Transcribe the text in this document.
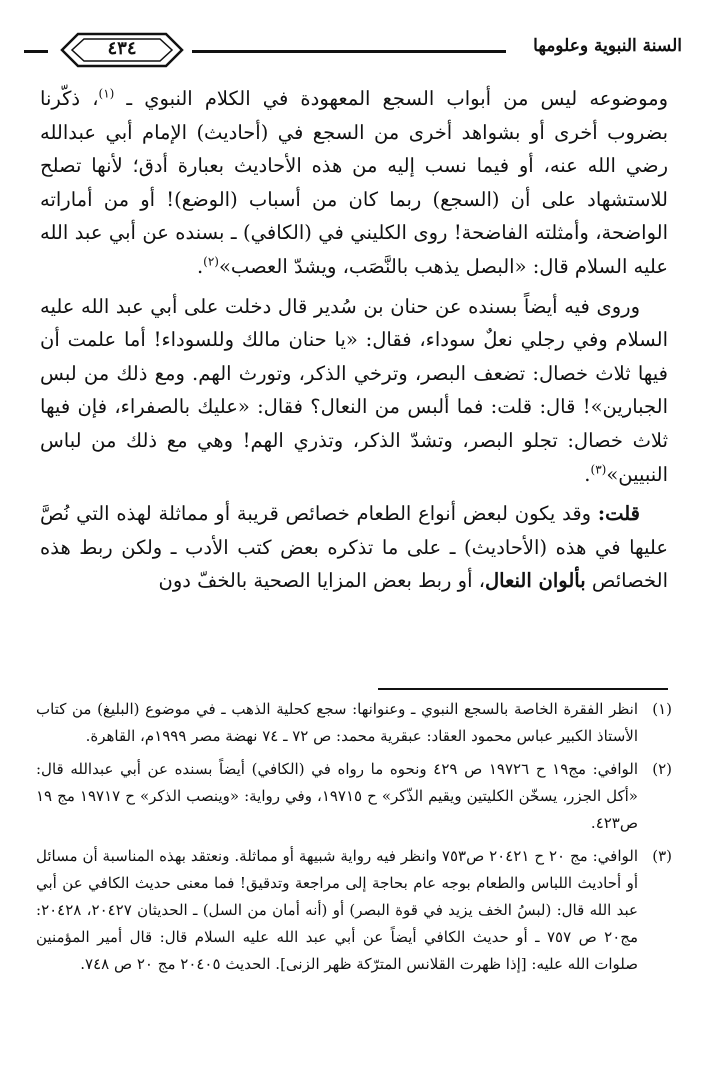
السنة النبوية وعلومها
٤٣٤

وموضوعه ليس من أبواب السجع المعهودة في الكلام النبوي ـ $^{(١)}$، ذكّرنا بضروب أخرى أو بشواهد أخرى من السجع في (أحاديث) الإمام أبي عبدالله رضي الله عنه، أو فيما نسب إليه من هذه الأحاديث بعبارة أدق؛ لأنها تصلح للاستشهاد على أن (السجع) ربما كان من أسباب (الوضع)! أو من أماراته الواضحة، وأمثلته الفاضحة! روى الكليني في (الكافي) ـ بسنده عن أبي عبد الله عليه السلام قال: «البصل يذهب بالنَّصَب، ويشدّ العصب»$^{(٢)}$.

وروى فيه أيضاً بسنده عن حنان بن سُدير قال دخلت على أبي عبد الله عليه السلام وفي رجلي نعلٌ سوداء، فقال: «يا حنان مالك وللسوداء! أما علمت أن فيها ثلاث خصال: تضعف البصر، وترخي الذكر، وتورث الهم. ومع ذلك من لبس الجبارين»! قال: قلت: فما ألبس من النعال؟ فقال: «عليك بالصفراء، فإن فيها ثلاث خصال: تجلو البصر، وتشدّ الذكر، وتذري الهم! وهي مع ذلك من لباس النبيين»$^{(٣)}$.

قلت: وقد يكون لبعض أنواع الطعام خصائص قريبة أو مماثلة لهذه التي نُصَّ عليها في هذه (الأحاديث) ـ على ما تذكره بعض كتب الأدب ـ ولكن ربط هذه الخصائص بألوان النعال، أو ربط بعض المزايا الصحية بالخفّ دون

(١)
انظر الفقرة الخاصة بالسجع النبوي ـ وعنوانها: سجع كحلية الذهب ـ في موضوع (البليغ) من كتاب الأستاذ الكبير عباس محمود العقاد: عبقرية محمد: ص ٧٢ ـ ٧٤ نهضة مصر ١٩٩٩م، القاهرة.
(٢)
الوافي: مج١٩ ح ١٩٧٢٦ ص ٤٢٩ ونحوه ما رواه في (الكافي) أيضاً بسنده عن أبي عبدالله قال: «أكل الجزر، يسخّن الكليتين ويقيم الذّكر» ح ١٩٧١٥، وفي رواية: «وينصب الذكر» ح ١٩٧١٧ مج ١٩ ص٤٢٣.
(٣)
الوافي: مج ٢٠ ح ٢٠٤٢١ ص٧٥٣ وانظر فيه رواية شبيهة أو مماثلة. ونعتقد بهذه المناسبة أن مسائل أو أحاديث اللباس والطعام بوجه عام بحاجة إلى مراجعة وتدقيق! فما معنى حديث الكافي عن أبي عبد الله قال: (لبسُ الخف يزيد في قوة البصر) أو (أنه أمان من السل) ـ الحديثان ٢٠٤٢٧، ٢٠٤٢٨: مج٢٠ ص ٧٥٧ ـ أو حديث الكافي أيضاً عن أبي عبد الله عليه السلام قال: قال أمير المؤمنين صلوات الله عليه: [إذا ظهرت القلانس المترّكة ظهر الزنى]. الحديث ٢٠٤٠٥ مج ٢٠ ص ٧٤٨.
